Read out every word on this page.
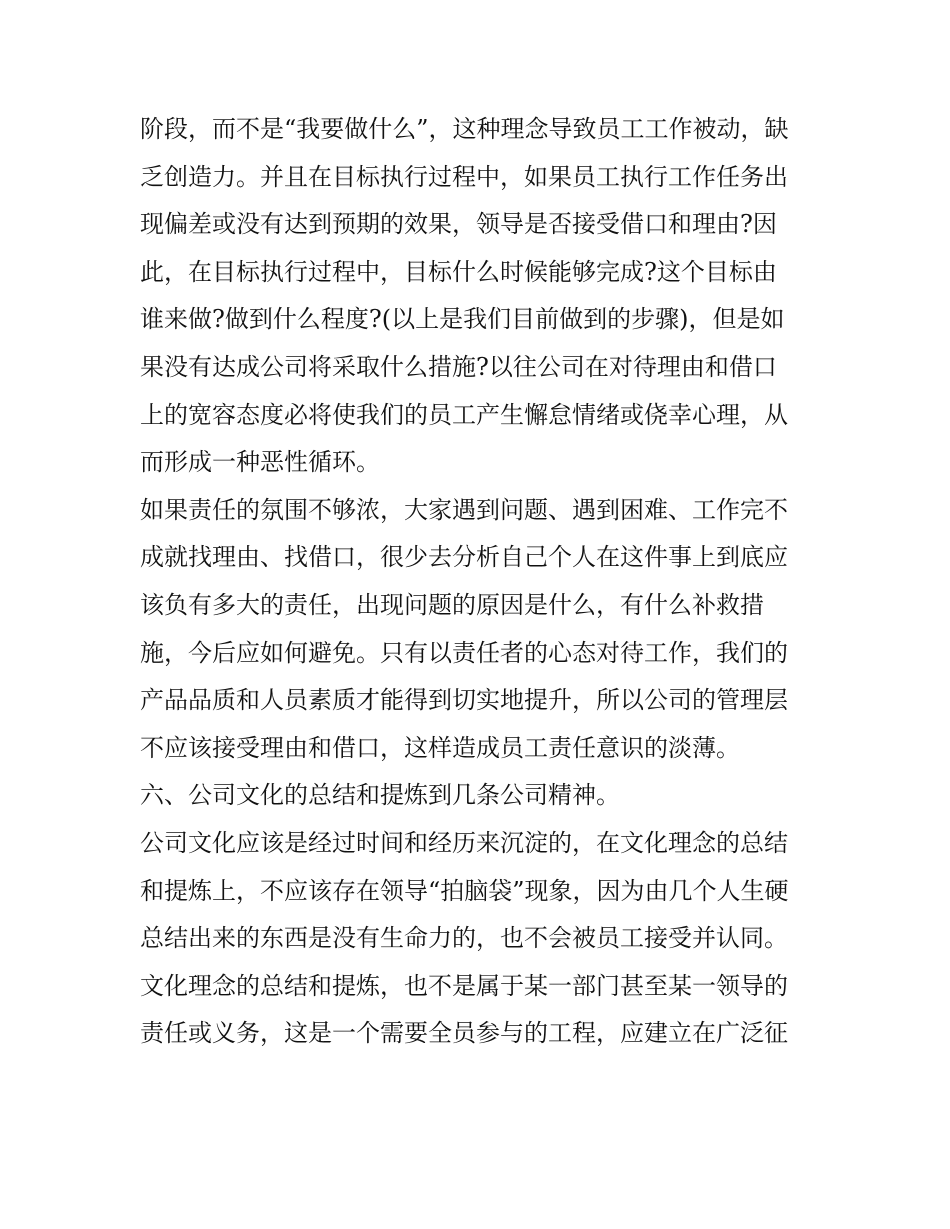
阶段，而不是“我要做什么”，这种理念导致员工工作被动，缺
乏创造力。并且在目标执行过程中，如果员工执行工作任务出
现偏差或没有达到预期的效果，领导是否接受借口和理由?因
此，在目标执行过程中，目标什么时候能够完成?这个目标由
谁来做?做到什么程度?(以上是我们目前做到的步骤)，但是如
果没有达成公司将采取什么措施?以往公司在对待理由和借口
上的宽容态度必将使我们的员工产生懈怠情绪或侥幸心理，从
而形成一种恶性循环。
如果责任的氛围不够浓，大家遇到问题、遇到困难、工作完不
成就找理由、找借口，很少去分析自己个人在这件事上到底应
该负有多大的责任，出现问题的原因是什么，有什么补救措
施，今后应如何避免。只有以责任者的心态对待工作，我们的
产品品质和人员素质才能得到切实地提升，所以公司的管理层
不应该接受理由和借口，这样造成员工责任意识的淡薄。
六、公司文化的总结和提炼到几条公司精神。
公司文化应该是经过时间和经历来沉淀的，在文化理念的总结
和提炼上，不应该存在领导“拍脑袋”现象，因为由几个人生硬
总结出来的东西是没有生命力的，也不会被员工接受并认同。
文化理念的总结和提炼，也不是属于某一部门甚至某一领导的
责任或义务，这是一个需要全员参与的工程，应建立在广泛征
